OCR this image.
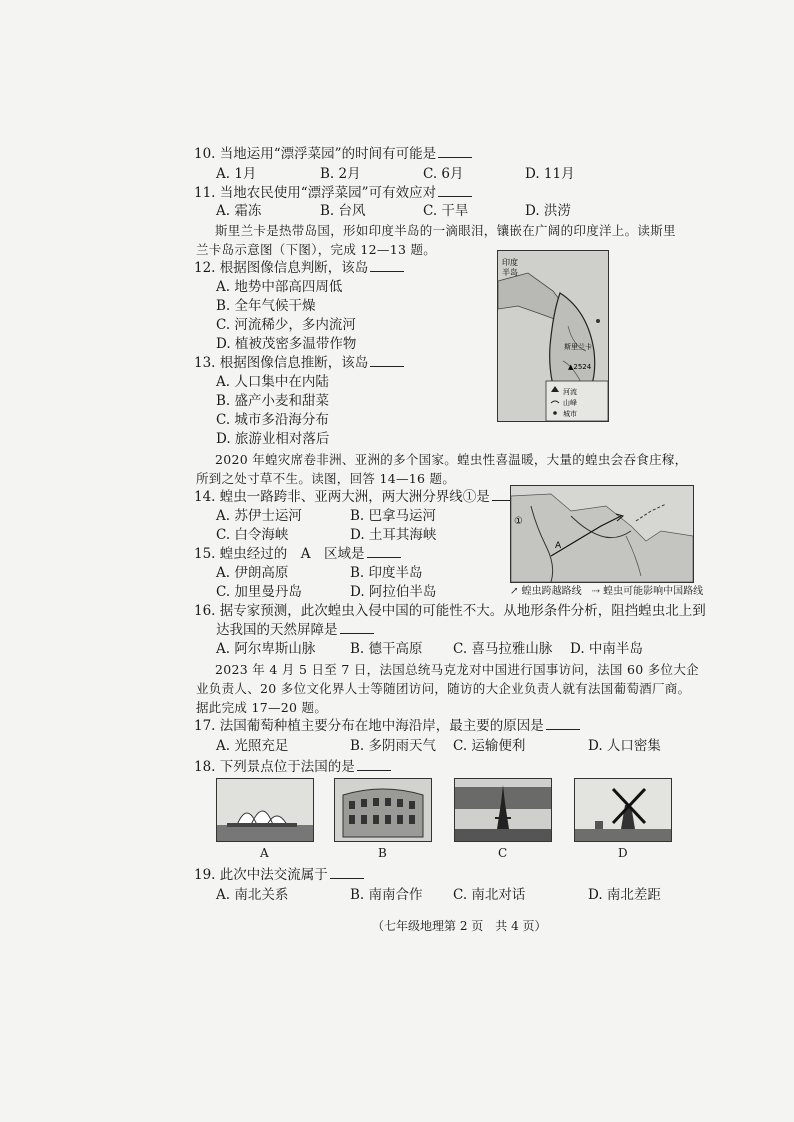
10. 当地运用“漂浮菜园”的时间有可能是
A. 1月	B. 2月	C. 6月	D. 11月
11. 当地农民使用“漂浮菜园”可有效应对
A. 霜冻	B. 台风	C. 干旱	D. 洪涝
斯里兰卡是热带岛国，形如印度半岛的一滴眼泪，镶嵌在广阔的印度洋上。读斯里
兰卡岛示意图（下图），完成 12—13 题。
12. 根据图像信息判断，该岛
A. 地势中部高四周低
B. 全年气候干燥
C. 河流稀少，多内流河
D. 植被茂密多温带作物
13. 根据图像信息推断，该岛
A. 人口集中在内陆
B. 盛产小麦和甜菜
C. 城市多沿海分布
D. 旅游业相对落后
印度
半岛
斯里兰卡
▲2524
河流
山峰
城市
2020 年蝗灾席卷非洲、亚洲的多个国家。蝗虫性喜温暖，大量的蝗虫会吞食庄稼，
所到之处寸草不生。读图，回答 14—16 题。
14. 蝗虫一路跨非、亚两大洲，两大洲分界线①是
A. 苏伊士运河	B. 巴拿马运河
C. 白令海峡	D. 土耳其海峡
15. 蝗虫经过的　A　区域是
A. 伊朗高原	B. 印度半岛
C. 加里曼丹岛	D. 阿拉伯半岛
①
A
↗ 蝗虫跨越路线　 ⇢ 蝗虫可能影响中国路线
16. 据专家预测，此次蝗虫入侵中国的可能性不大。从地形条件分析，阻挡蝗虫北上到
达我国的天然屏障是
A. 阿尔卑斯山脉	B. 德干高原 C. 喜马拉雅山脉 D. 中南半岛
2023 年 4 月 5 日至 7 日，法国总统马克龙对中国进行国事访问，法国 60 多位大企
业负责人、20 多位文化界人士等随团访问，随访的大企业负责人就有法国葡萄酒厂商。
据此完成 17—20 题。
17. 法国葡萄种植主要分布在地中海沿岸，最主要的原因是
A. 光照充足	B. 多阴雨天气 C. 运输便利	D. 人口密集
18. 下列景点位于法国的是
A	B	C	D
19. 此次中法交流属于
A. 南北关系	B. 南南合作 C. 南北对话	D. 南北差距
（七年级地理第 2 页　共 4 页）
